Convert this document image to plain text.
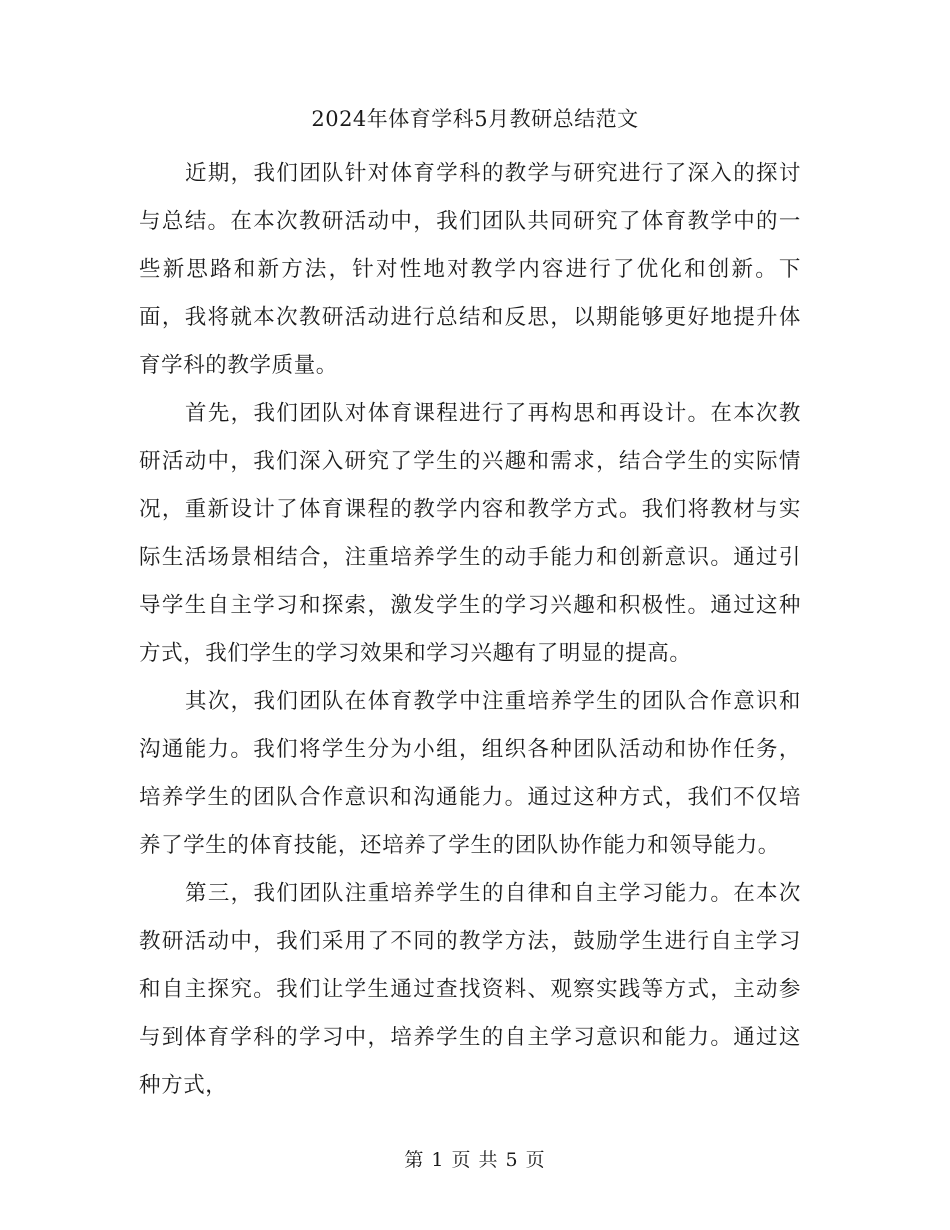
2024年体育学科5月教研总结范文

近期，我们团队针对体育学科的教学与研究进行了深入的探讨与总结。在本次教研活动中，我们团队共同研究了体育教学中的一些新思路和新方法，针对性地对教学内容进行了优化和创新。下面，我将就本次教研活动进行总结和反思，以期能够更好地提升体育学科的教学质量。

首先，我们团队对体育课程进行了再构思和再设计。在本次教研活动中，我们深入研究了学生的兴趣和需求，结合学生的实际情况，重新设计了体育课程的教学内容和教学方式。我们将教材与实际生活场景相结合，注重培养学生的动手能力和创新意识。通过引导学生自主学习和探索，激发学生的学习兴趣和积极性。通过这种方式，我们学生的学习效果和学习兴趣有了明显的提高。

其次，我们团队在体育教学中注重培养学生的团队合作意识和沟通能力。我们将学生分为小组，组织各种团队活动和协作任务，培养学生的团队合作意识和沟通能力。通过这种方式，我们不仅培养了学生的体育技能，还培养了学生的团队协作能力和领导能力。

第三，我们团队注重培养学生的自律和自主学习能力。在本次教研活动中，我们采用了不同的教学方法，鼓励学生进行自主学习和自主探究。我们让学生通过查找资料、观察实践等方式，主动参与到体育学科的学习中，培养学生的自主学习意识和能力。通过这种方式，

第 1 页 共 5 页
